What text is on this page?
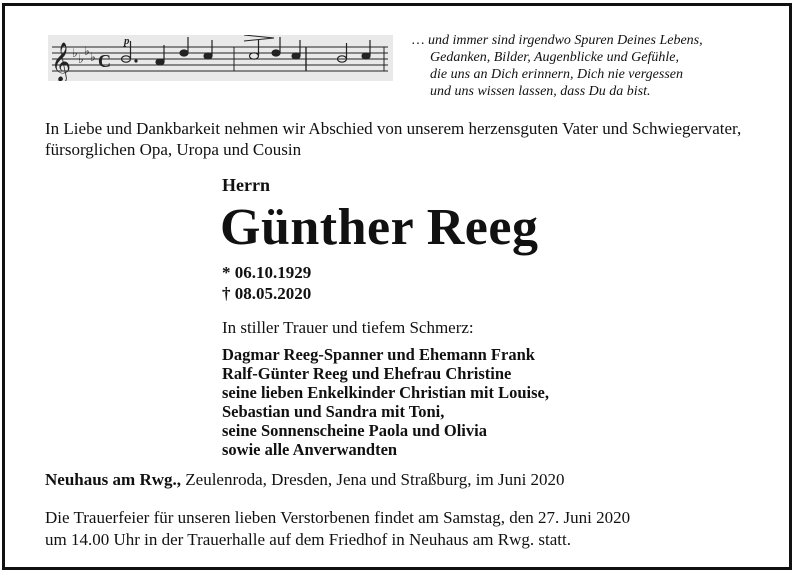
𝄞 ♭ ♭
♭ ♭ C
p	… und immer sind irgendwo Spuren Deines Lebens,
Gedanken, Bilder, Augenblicke und Gefühle,
die uns an Dich erinnern, Dich nie vergessen
und uns wissen lassen, dass Du da bist.
In Liebe und Dankbarkeit nehmen wir Abschied von unserem herzensguten Vater und Schwiegervater, fürsorglichen Opa, Uropa und Cousin
Herrn
Günther Reeg
* 06.10.1929
† 08.05.2020
In stiller Trauer und tiefem Schmerz:
Dagmar Reeg-Spanner und Ehemann Frank
Ralf-Günter Reeg und Ehefrau Christine
seine lieben Enkelkinder Christian mit Louise,
Sebastian und Sandra mit Toni,
seine Sonnenscheine Paola und Olivia
sowie alle Anverwandten
Neuhaus am Rwg., Zeulenroda, Dresden, Jena und Straßburg, im Juni 2020
Die Trauerfeier für unseren lieben Verstorbenen findet am Samstag, den 27. Juni 2020
um 14.00 Uhr in der Trauerhalle auf dem Friedhof in Neuhaus am Rwg. statt.
